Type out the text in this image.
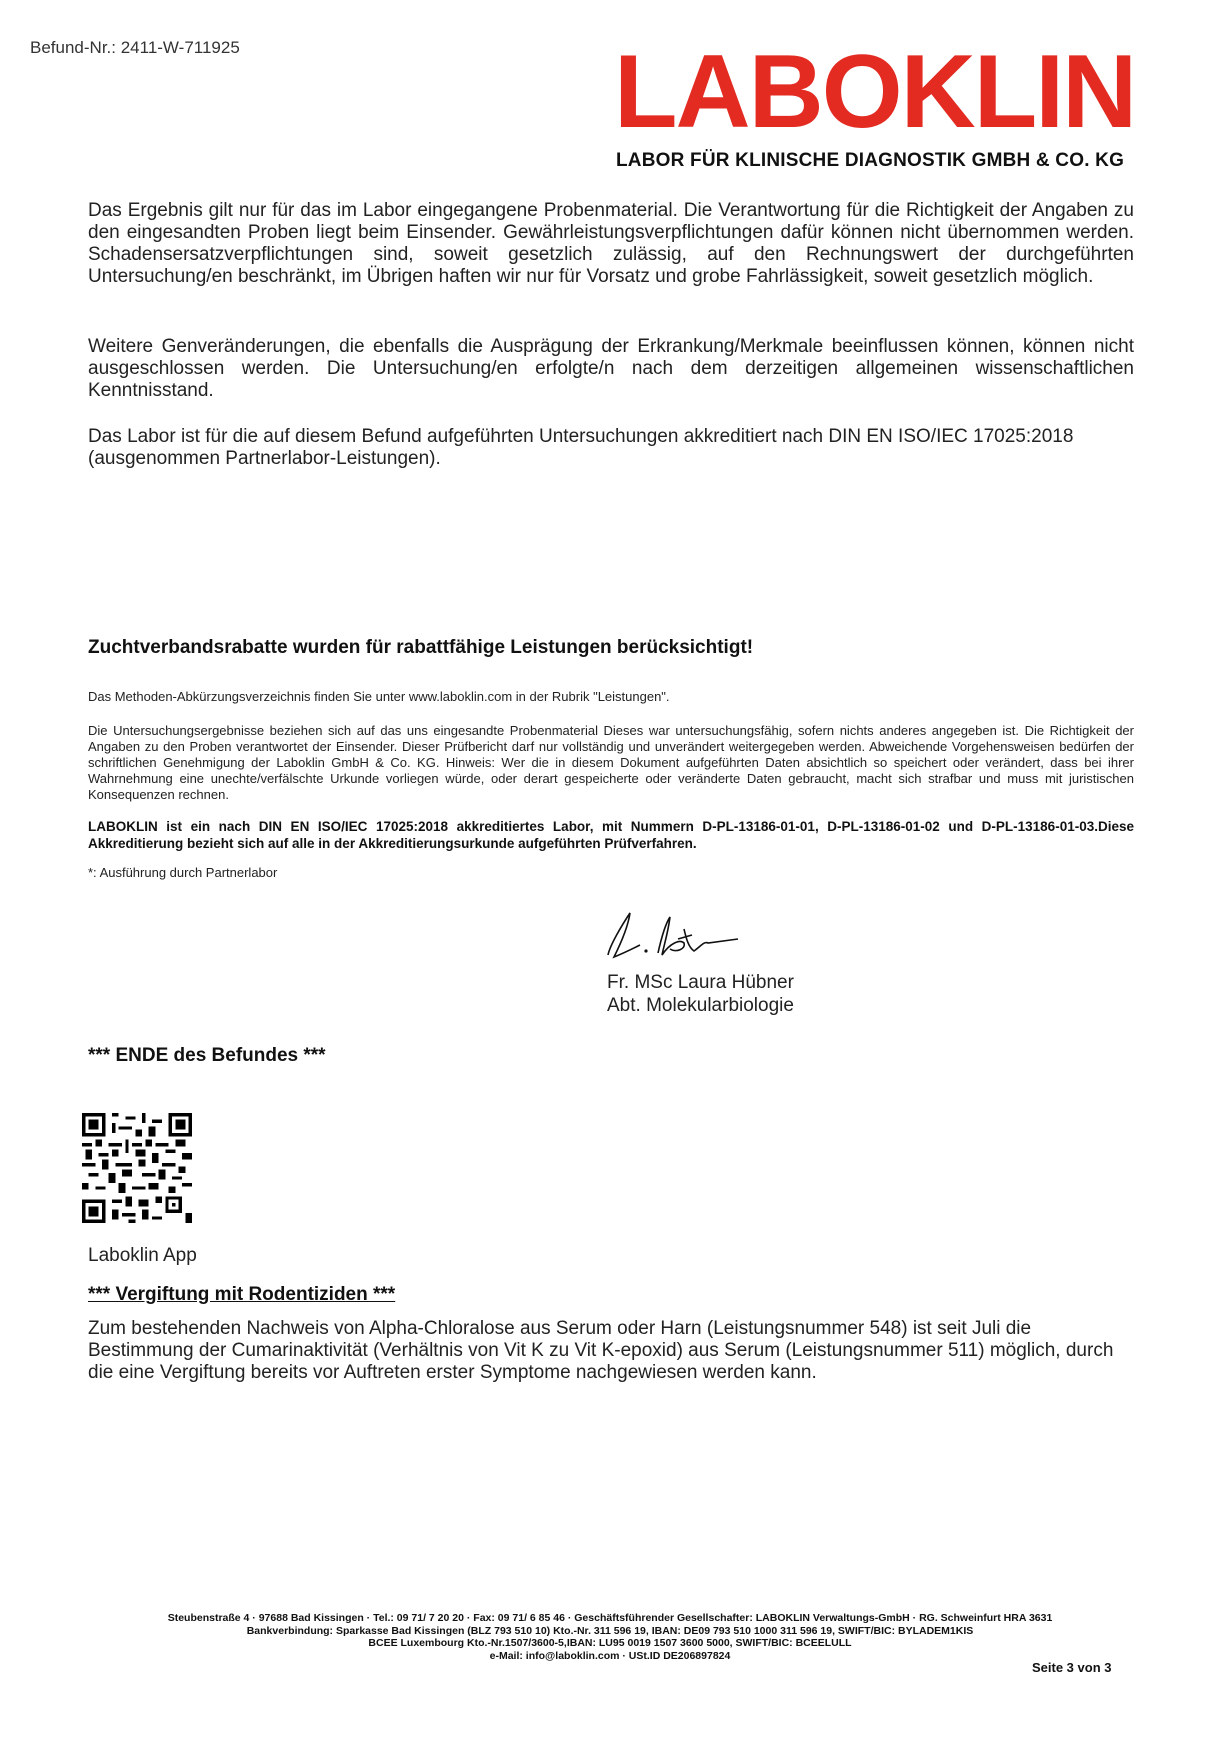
Befund-Nr.: 2411-W-711925	LABOKLIN
LABOR FÜR KLINISCHE DIAGNOSTIK GMBH & CO. KG
Das Ergebnis gilt nur für das im Labor eingegangene Probenmaterial. Die Verantwortung für die Richtigkeit der Angaben zu den eingesandten Proben liegt beim Einsender. Gewährleistungsverpflichtungen dafür können nicht übernommen werden. Schadensersatzverpflichtungen sind, soweit gesetzlich zulässig, auf den Rechnungswert der durchgeführten Untersuchung/en beschränkt, im Übrigen haften wir nur für Vorsatz und grobe Fahrlässigkeit, soweit gesetzlich möglich.
Weitere Genveränderungen, die ebenfalls die Ausprägung der Erkrankung/Merkmale beeinflussen können, können nicht ausgeschlossen werden. Die Untersuchung/en erfolgte/n nach dem derzeitigen allgemeinen wissenschaftlichen Kenntnisstand.
Das Labor ist für die auf diesem Befund aufgeführten Untersuchungen akkreditiert nach DIN EN ISO/IEC 17025:2018
(ausgenommen Partnerlabor-Leistungen).
Zuchtverbandsrabatte wurden für rabattfähige Leistungen berücksichtigt!
Das Methoden-Abkürzungsverzeichnis finden Sie unter www.laboklin.com in der Rubrik "Leistungen".
Die Untersuchungsergebnisse beziehen sich auf das uns eingesandte Probenmaterial Dieses war untersuchungsfähig, sofern nichts anderes angegeben ist. Die Richtigkeit der Angaben zu den Proben verantwortet der Einsender. Dieser Prüfbericht darf nur vollständig und unverändert weitergegeben werden. Abweichende Vorgehensweisen bedürfen der schriftlichen Genehmigung der Laboklin GmbH & Co. KG. Hinweis: Wer die in diesem Dokument aufgeführten Daten absichtlich so speichert oder verändert, dass bei ihrer Wahrnehmung eine unechte/verfälschte Urkunde vorliegen würde, oder derart gespeicherte oder veränderte Daten gebraucht, macht sich strafbar und muss mit juristischen Konsequenzen rechnen.
LABOKLIN ist ein nach DIN EN ISO/IEC 17025:2018 akkreditiertes Labor, mit Nummern D-PL-13186-01-01, D-PL-13186-01-02 und D-PL-13186-01-03.Diese Akkreditierung bezieht sich auf alle in der Akkreditierungsurkunde aufgeführten Prüfverfahren.
*: Ausführung durch Partnerlabor
Fr. MSc Laura Hübner
Abt. Molekularbiologie
*** ENDE des Befundes ***
Laboklin App
*** Vergiftung mit Rodentiziden ***
Zum bestehenden Nachweis von Alpha-Chloralose aus Serum oder Harn (Leistungsnummer 548) ist seit Juli die Bestimmung der Cumarinaktivität (Verhältnis von Vit K zu Vit K-epoxid) aus Serum (Leistungsnummer 511) möglich, durch die eine Vergiftung bereits vor Auftreten erster Symptome nachgewiesen werden kann.
Steubenstraße 4 · 97688 Bad Kissingen · Tel.: 09 71/ 7 20 20 · Fax: 09 71/ 6 85 46 · Geschäftsführender Gesellschafter: LABOKLIN Verwaltungs-GmbH · RG. Schweinfurt HRA 3631
Bankverbindung: Sparkasse Bad Kissingen (BLZ 793 510 10) Kto.-Nr. 311 596 19, IBAN: DE09 793 510 1000 311 596 19, SWIFT/BIC: BYLADEM1KIS
BCEE Luxembourg Kto.-Nr.1507/3600-5,IBAN: LU95 0019 1507 3600 5000, SWIFT/BIC: BCEELULL
e-Mail: info@laboklin.com · USt.ID DE206897824
Seite 3 von 3
